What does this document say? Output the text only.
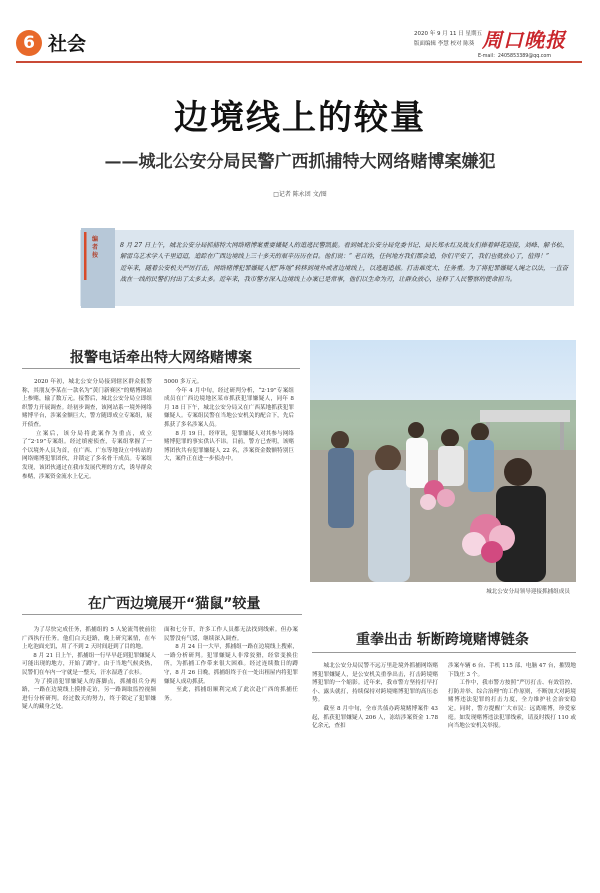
6 社会	2020 年 9 月 11 日 星期五
版面编辑 李慧 校对 陈葵 周口晚报
E-mail：2405853389@qq.com
边境线上的较量
——城北公安分局民警广西抓捕特大网络赌博案嫌犯
□记者 陈永团 文/图
编者按
8 月 27 日上午，城北公安分局抓捕特大网络赌博案重要嫌疑人的追逃民警凯旋。看到城北公安分局党委书记、局长郑永红及战友们捧着鲜花迎接，刘峰、解书松、解雷乌艺术学人千里迢迢，追踪在广西边境线上三十多天的艰辛历历在目。他们说：“ 老百姓，任何地方我们都会追，你们平安了，我们也就放心了，值得！”
近年来，随着公安机关严厉打击，网络赌博犯罪嫌疑人把“阵地”转移到境外或者边境线上，以逃避追捕。打击难度大、任务重。为了将犯罪嫌疑人绳之以法，一直奋战在一线的民警们付出了太多太多。近年来，我市警方深入边境线上办案已是常事，他们以生命为刃，让群众放心，诠释了人民警察的使命担当。
报警电话牵出特大网络赌博案
　　2020 年初，城北公安分局接到辖区群众报警称，其朋友李某在一款名为“黄门新赛区”的赌博网站上参赌，输了数万元。接警后，城北公安分局立即组织警力开展调查。经初步调查，该网站系一境外网络赌博平台，涉案金额巨大，警方随即成立专案组，展开侦查。
　　立案后，该分局将此案作为重点，成立了“2·19”专案组。经过缜密侦查，专案组掌握了一个以境外人员为首，在广西、广东等地设立中转站的网络赌博犯罪团伙，并锁定了多名骨干成员。专案组发现，该团伙通过在我市发展代理的方式，诱导群众参赌，涉案资金流水上亿元。
5000 多万元。
　　今年 4 月中旬，经过研判分析，“2·19”专案组成员在广西边境地区某市抓获犯罪嫌疑人，同年 8 月 18 日下午，城北公安分局又在广西某地抓获犯罪嫌疑人。专案组民警在当地公安机关的配合下，先后抓获了多名涉案人员。
　　8 月 19 日，经审讯，犯罪嫌疑人对其参与网络赌博犯罪的事实供认不讳。目前，警方已查明，该赌博团伙共有犯罪嫌疑人 22 名，涉案资金数额特别巨大，案件正在进一步侦办中。
城北公安分局领导迎接抓捕组成员
在广西边境展开“猫鼠”较量
　　为了尽快完成任务，抓捕组的 5 人轮流驾驶前往广西执行任务。他们白天赶路，晚上研究案情，在车上吃泡面充饥，用了不到 2 天时间赶到了目的地。
　　8 月 21 日上午，抓捕组一行早早赶到犯罪嫌疑人可能出现的地方，开始了蹲守。由于当地气候炎热，民警们在车内一守就是一整天，汗水湿透了衣衫。
　　为了摸清犯罪嫌疑人的落脚点，抓捕组兵分两路，一路在边境线上摸排走访，另一路调取监控视频进行分析研判。经过数天的努力，终于锁定了犯罪嫌疑人的藏身之处。
面和七分节，许多工作人员都无法找到线索。但办案民警没有气馁，继续深入调查。
　　8 月 24 日一大早，抓捕组一路在边境线上搜索，一路分析研判。犯罪嫌疑人非常狡猾，经常变换住所，为抓捕工作带来很大困难。经过连续数日的蹲守，8 月 26 日晚，抓捕组终于在一处出租屋内将犯罪嫌疑人成功抓获。
　　至此，抓捕组顺利完成了此次赴广西的抓捕任务。
重拳出击 斩断跨境赌博链条
　　城北公安分局民警不远万里赴境外抓捕网络赌博犯罪嫌疑人，是公安机关重拳出击，打击跨境赌博犯罪的一个缩影。近年来，我市警方坚持打早打小、露头就打，持续保持对跨境赌博犯罪的高压态势。
　　截至 8 月中旬，全市共侦办跨境赌博案件 43 起，抓获犯罪嫌疑人 206 人，冻结涉案资金 1.78 亿余元，查扣
涉案车辆 6 台、手机 115 部、电脑 47 台，摧毁地下钱庄 3 个。
　　工作中，我市警方按照“严厉打击、有效管控、打防并举、综合治理”的工作原则，不断加大对跨境赌博违法犯罪的打击力度，全力维护社会治安稳定。同时，警方提醒广大市民：远离赌博，珍爱家庭。如发现赌博违法犯罪线索，请及时拨打 110 或向当地公安机关举报。
